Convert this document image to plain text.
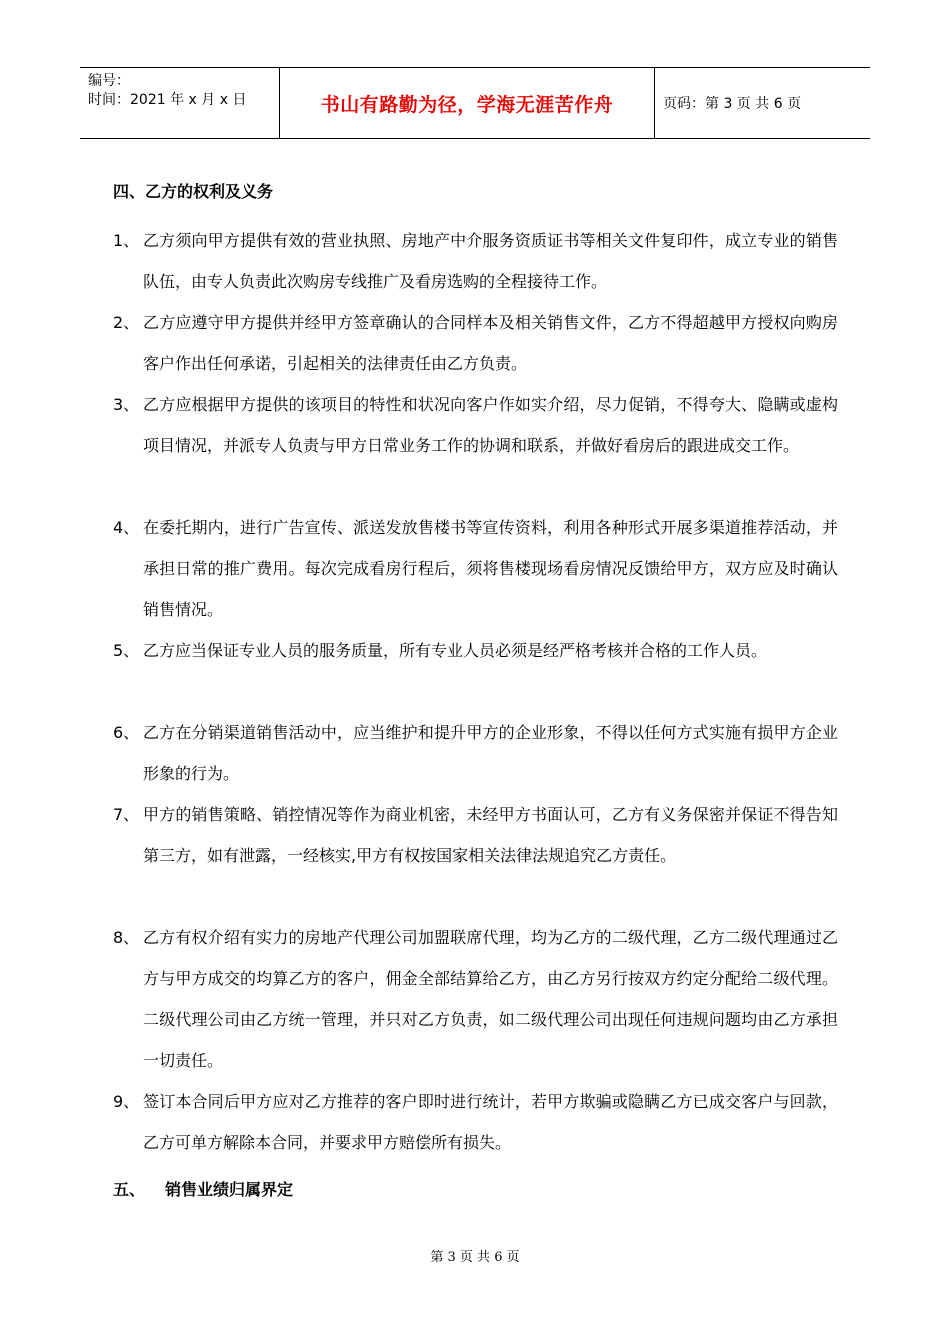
编号：
时间：2021 年 x 月 x 日	书山有路勤为径，学海无涯苦作舟	页码：第 3 页 共 6 页

四、乙方的权利及义务

1、 乙方须向甲方提供有效的营业执照、房地产中介服务资质证书等相关文件复印件，成立专业的销售队伍，由专人负责此次购房专线推广及看房选购的全程接待工作。
2、 乙方应遵守甲方提供并经甲方签章确认的合同样本及相关销售文件，乙方不得超越甲方授权向购房客户作出任何承诺，引起相关的法律责任由乙方负责。
3、 乙方应根据甲方提供的该项目的特性和状况向客户作如实介绍，尽力促销，不得夸大、隐瞒或虚构项目情况，并派专人负责与甲方日常业务工作的协调和联系，并做好看房后的跟进成交工作。
4、 在委托期内，进行广告宣传、派送发放售楼书等宣传资料，利用各种形式开展多渠道推荐活动，并承担日常的推广费用。每次完成看房行程后，须将售楼现场看房情况反馈给甲方，双方应及时确认销售情况。
5、 乙方应当保证专业人员的服务质量，所有专业人员必须是经严格考核并合格的工作人员。
6、 乙方在分销渠道销售活动中，应当维护和提升甲方的企业形象，不得以任何方式实施有损甲方企业形象的行为。
7、 甲方的销售策略、销控情况等作为商业机密，未经甲方书面认可，乙方有义务保密并保证不得告知第三方，如有泄露，一经核实,甲方有权按国家相关法律法规追究乙方责任。
8、 乙方有权介绍有实力的房地产代理公司加盟联席代理，均为乙方的二级代理，乙方二级代理通过乙方与甲方成交的均算乙方的客户，佣金全部结算给乙方，由乙方另行按双方约定分配给二级代理。二级代理公司由乙方统一管理，并只对乙方负责，如二级代理公司出现任何违规问题均由乙方承担一切责任。
9、 签订本合同后甲方应对乙方推荐的客户即时进行统计，若甲方欺骗或隐瞒乙方已成交客户与回款，乙方可单方解除本合同，并要求甲方赔偿所有损失。

五、 销售业绩归属界定

第 3 页 共 6 页
